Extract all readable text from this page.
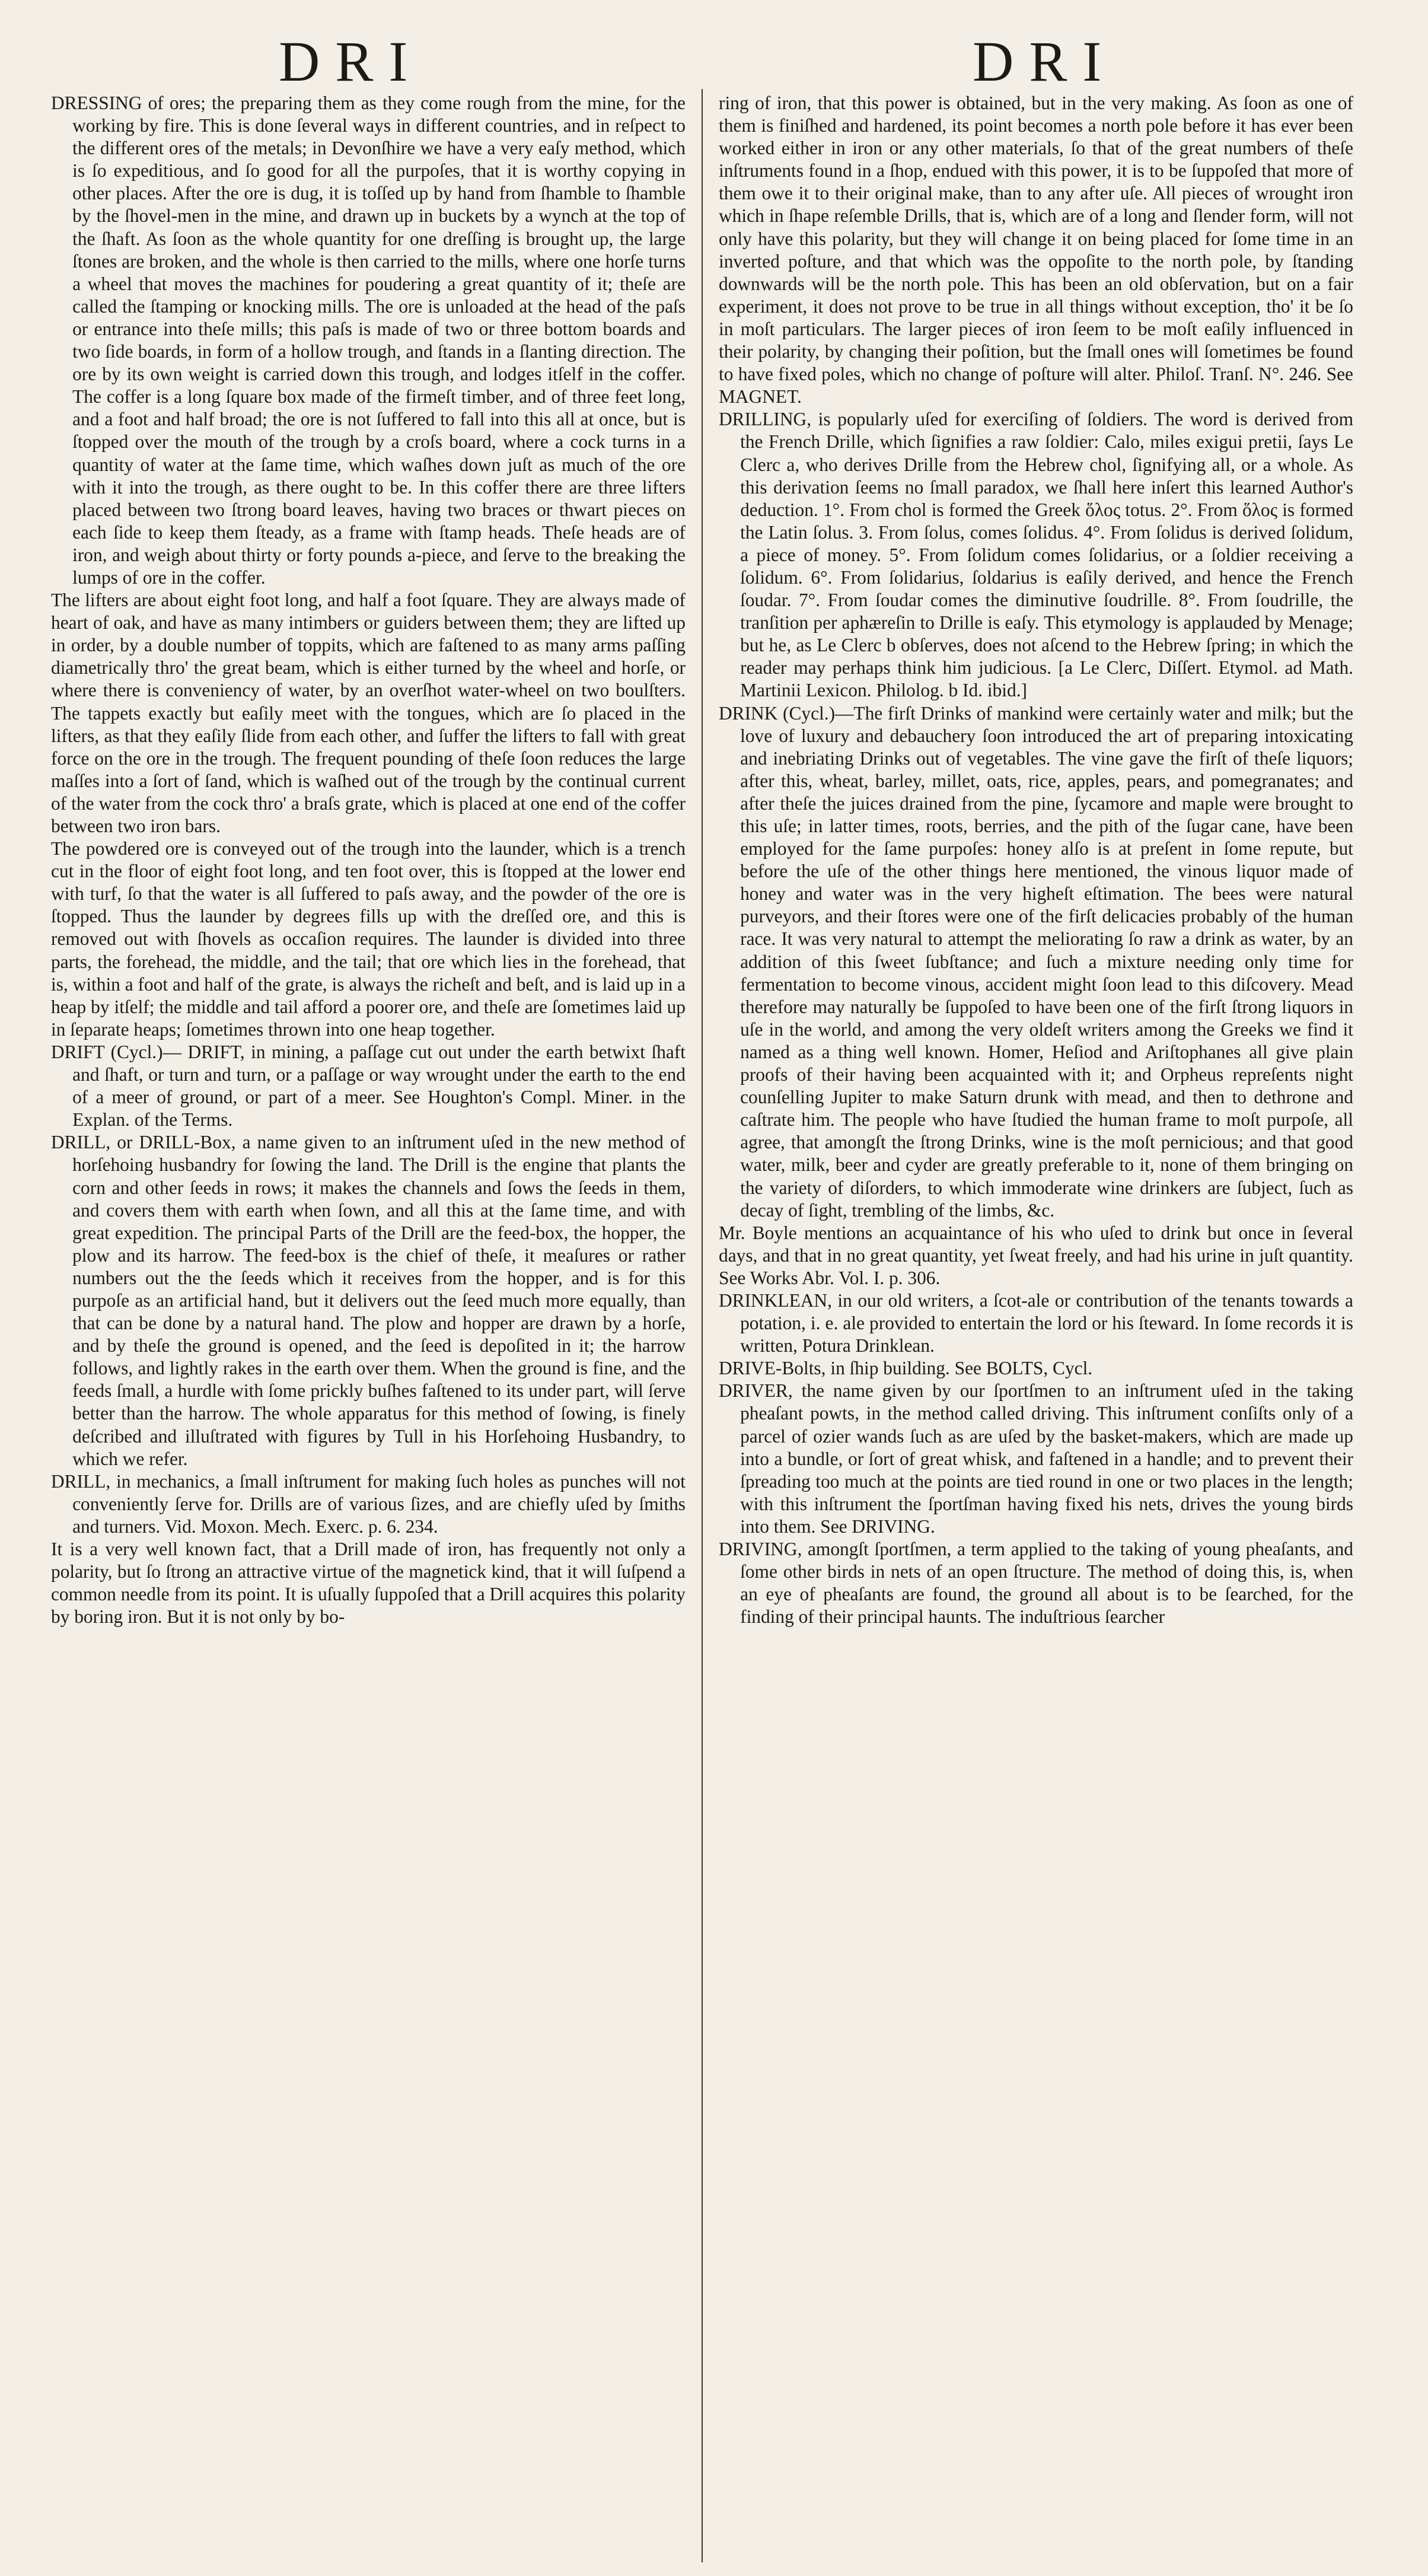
DRI	DRI

DRESSING of ores; the preparing them as they come rough from the mine, for the working by fire. This is done ſeveral ways in different countries, and in reſpect to the different ores of the metals; in Devonſhire we have a very eaſy method, which is ſo expeditious, and ſo good for all the purpoſes, that it is worthy copying in other places. After the ore is dug, it is toſſed up by hand from ſhamble to ſhamble by the ſhovel-men in the mine, and drawn up in buckets by a wynch at the top of the ſhaft. As ſoon as the whole quantity for one dreſſing is brought up, the large ſtones are broken, and the whole is then carried to the mills, where one horſe turns a wheel that moves the machines for poudering a great quantity of it; theſe are called the ſtamping or knocking mills. The ore is unloaded at the head of the paſs or entrance into theſe mills; this paſs is made of two or three bottom boards and two ſide boards, in form of a hollow trough, and ſtands in a ſlanting direction. The ore by its own weight is carried down this trough, and lodges itſelf in the coffer. The coffer is a long ſquare box made of the firmeſt timber, and of three feet long, and a foot and half broad; the ore is not ſuffered to fall into this all at once, but is ſtopped over the mouth of the trough by a croſs board, where a cock turns in a quantity of water at the ſame time, which waſhes down juſt as much of the ore with it into the trough, as there ought to be. In this coffer there are three lifters placed between two ſtrong board leaves, having two braces or thwart pieces on each ſide to keep them ſteady, as a frame with ſtamp heads. Theſe heads are of iron, and weigh about thirty or forty pounds a-piece, and ſerve to the breaking the lumps of ore in the coffer.

The lifters are about eight foot long, and half a foot ſquare. They are always made of heart of oak, and have as many intimbers or guiders between them; they are lifted up in order, by a double number of toppits, which are faſtened to as many arms paſſing diametrically thro' the great beam, which is either turned by the wheel and horſe, or where there is conveniency of water, by an overſhot water-wheel on two boulſters. The tappets exactly but eaſily meet with the tongues, which are ſo placed in the lifters, as that they eaſily ſlide from each other, and ſuffer the lifters to fall with great force on the ore in the trough. The frequent pounding of theſe ſoon reduces the large maſſes into a ſort of ſand, which is waſhed out of the trough by the continual current of the water from the cock thro' a braſs grate, which is placed at one end of the coffer between two iron bars.

The powdered ore is conveyed out of the trough into the launder, which is a trench cut in the floor of eight foot long, and ten foot over, this is ſtopped at the lower end with turf, ſo that the water is all ſuffered to paſs away, and the powder of the ore is ſtopped. Thus the launder by degrees fills up with the dreſſed ore, and this is removed out with ſhovels as occaſion requires. The launder is divided into three parts, the forehead, the middle, and the tail; that ore which lies in the forehead, that is, within a foot and half of the grate, is always the richeſt and beſt, and is laid up in a heap by itſelf; the middle and tail afford a poorer ore, and theſe are ſometimes laid up in ſeparate heaps; ſometimes thrown into one heap together.

DRIFT (Cycl.)— DRIFT, in mining, a paſſage cut out under the earth betwixt ſhaft and ſhaft, or turn and turn, or a paſſage or way wrought under the earth to the end of a meer of ground, or part of a meer. See Houghton's Compl. Miner. in the Explan. of the Terms.

DRILL, or DRILL-Box, a name given to an inſtrument uſed in the new method of horſehoing husbandry for ſowing the land. The Drill is the engine that plants the corn and other ſeeds in rows; it makes the channels and ſows the ſeeds in them, and covers them with earth when ſown, and all this at the ſame time, and with great expedition. The principal Parts of the Drill are the feed-box, the hopper, the plow and its harrow. The feed-box is the chief of theſe, it meaſures or rather numbers out the the ſeeds which it receives from the hopper, and is for this purpoſe as an artificial hand, but it delivers out the ſeed much more equally, than that can be done by a natural hand. The plow and hopper are drawn by a horſe, and by theſe the ground is opened, and the ſeed is depoſited in it; the harrow follows, and lightly rakes in the earth over them. When the ground is fine, and the feeds ſmall, a hurdle with ſome prickly buſhes faſtened to its under part, will ſerve better than the harrow. The whole apparatus for this method of ſowing, is finely deſcribed and illuſtrated with figures by Tull in his Horſehoing Husbandry, to which we refer.

DRILL, in mechanics, a ſmall inſtrument for making ſuch holes as punches will not conveniently ſerve for. Drills are of various ſizes, and are chiefly uſed by ſmiths and turners. Vid. Moxon. Mech. Exerc. p. 6. 234.

It is a very well known fact, that a Drill made of iron, has frequently not only a polarity, but ſo ſtrong an attractive virtue of the magnetick kind, that it will ſuſpend a common needle from its point. It is uſually ſuppoſed that a Drill acquires this polarity by boring iron. But it is not only by bo-

ring of iron, that this power is obtained, but in the very making. As ſoon as one of them is finiſhed and hardened, its point becomes a north pole before it has ever been worked either in iron or any other materials, ſo that of the great numbers of theſe inſtruments found in a ſhop, endued with this power, it is to be ſuppoſed that more of them owe it to their original make, than to any after uſe. All pieces of wrought iron which in ſhape reſemble Drills, that is, which are of a long and ſlender form, will not only have this polarity, but they will change it on being placed for ſome time in an inverted poſture, and that which was the oppoſite to the north pole, by ſtanding downwards will be the north pole. This has been an old obſervation, but on a fair experiment, it does not prove to be true in all things without exception, tho' it be ſo in moſt particulars. The larger pieces of iron ſeem to be moſt eaſily influenced in their polarity, by changing their poſition, but the ſmall ones will ſometimes be found to have fixed poles, which no change of poſture will alter. Philoſ. Tranſ. N°. 246. See MAGNET.

DRILLING, is popularly uſed for exerciſing of ſoldiers. The word is derived from the French Drille, which ſignifies a raw ſoldier: Calo, miles exigui pretii, ſays Le Clerc a, who derives Drille from the Hebrew chol, ſignifying all, or a whole. As this derivation ſeems no ſmall paradox, we ſhall here inſert this learned Author's deduction. 1°. From chol is formed the Greek ὅλος totus. 2°. From ὅλος is formed the Latin ſolus. 3. From ſolus, comes ſolidus. 4°. From ſolidus is derived ſolidum, a piece of money. 5°. From ſolidum comes ſolidarius, or a ſoldier receiving a ſolidum. 6°. From ſolidarius, ſoldarius is eaſily derived, and hence the French ſoudar. 7°. From ſoudar comes the diminutive ſoudrille. 8°. From ſoudrille, the tranſition per aphæreſin to Drille is eaſy. This etymology is applauded by Menage; but he, as Le Clerc b obſerves, does not aſcend to the Hebrew ſpring; in which the reader may perhaps think him judicious. [a Le Clerc, Diſſert. Etymol. ad Math. Martinii Lexicon. Philolog. b Id. ibid.]

DRINK (Cycl.)—The firſt Drinks of mankind were certainly water and milk; but the love of luxury and debauchery ſoon introduced the art of preparing intoxicating and inebriating Drinks out of vegetables. The vine gave the firſt of theſe liquors; after this, wheat, barley, millet, oats, rice, apples, pears, and pomegranates; and after theſe the juices drained from the pine, ſycamore and maple were brought to this uſe; in latter times, roots, berries, and the pith of the ſugar cane, have been employed for the ſame purpoſes: honey alſo is at preſent in ſome repute, but before the uſe of the other things here mentioned, the vinous liquor made of honey and water was in the very higheſt eſtimation. The bees were natural purveyors, and their ſtores were one of the firſt delicacies probably of the human race. It was very natural to attempt the meliorating ſo raw a drink as water, by an addition of this ſweet ſubſtance; and ſuch a mixture needing only time for fermentation to become vinous, accident might ſoon lead to this diſcovery. Mead therefore may naturally be ſuppoſed to have been one of the firſt ſtrong liquors in uſe in the world, and among the very oldeſt writers among the Greeks we find it named as a thing well known. Homer, Heſiod and Ariſtophanes all give plain proofs of their having been acquainted with it; and Orpheus repreſents night counſelling Jupiter to make Saturn drunk with mead, and then to dethrone and caſtrate him. The people who have ſtudied the human frame to moſt purpoſe, all agree, that amongſt the ſtrong Drinks, wine is the moſt pernicious; and that good water, milk, beer and cyder are greatly preferable to it, none of them bringing on the variety of diſorders, to which immoderate wine drinkers are ſubject, ſuch as decay of ſight, trembling of the limbs, &c.

Mr. Boyle mentions an acquaintance of his who uſed to drink but once in ſeveral days, and that in no great quantity, yet ſweat freely, and had his urine in juſt quantity. See Works Abr. Vol. I. p. 306.

DRINKLEAN, in our old writers, a ſcot-ale or contribution of the tenants towards a potation, i. e. ale provided to entertain the lord or his ſteward. In ſome records it is written, Potura Drinklean.

DRIVE-Bolts, in ſhip building. See BOLTS, Cycl.

DRIVER, the name given by our ſportſmen to an inſtrument uſed in the taking pheaſant powts, in the method called driving. This inſtrument conſiſts only of a parcel of ozier wands ſuch as are uſed by the basket-makers, which are made up into a bundle, or ſort of great whisk, and faſtened in a handle; and to prevent their ſpreading too much at the points are tied round in one or two places in the length; with this inſtrument the ſportſman having fixed his nets, drives the young birds into them. See DRIVING.

DRIVING, amongſt ſportſmen, a term applied to the taking of young pheaſants, and ſome other birds in nets of an open ſtructure. The method of doing this, is, when an eye of pheaſants are found, the ground all about is to be ſearched, for the finding of their principal haunts. The induſtrious ſearcher
